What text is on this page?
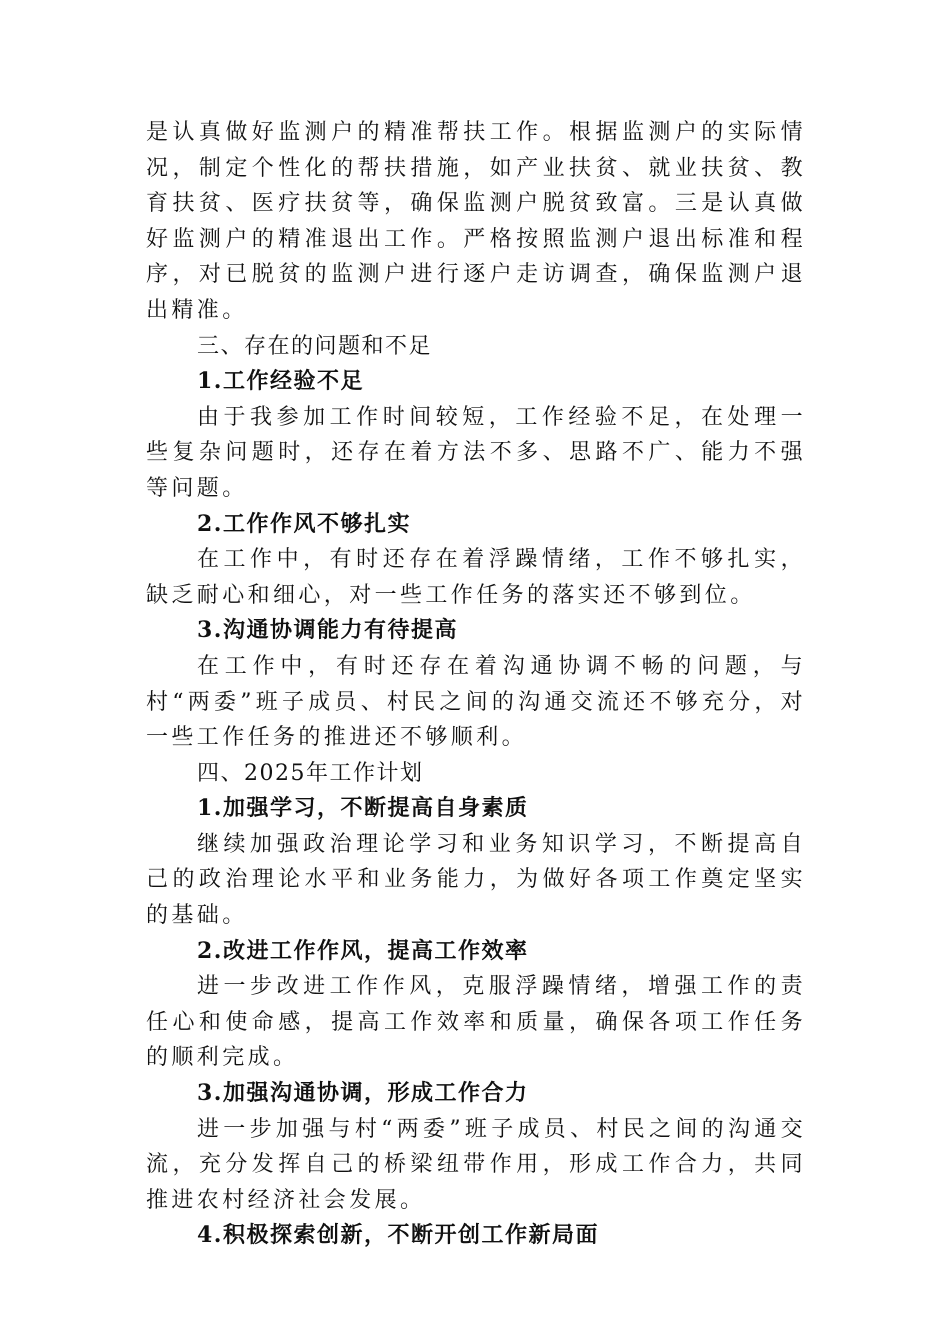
是认真做好监测户的精准帮扶工作。根据监测户的实际情况，制定个性化的帮扶措施，如产业扶贫、就业扶贫、教育扶贫、医疗扶贫等，确保监测户脱贫致富。三是认真做好监测户的精准退出工作。严格按照监测户退出标准和程序，对已脱贫的监测户进行逐户走访调查，确保监测户退出精准。

三、存在的问题和不足

1.工作经验不足

由于我参加工作时间较短，工作经验不足，在处理一些复杂问题时，还存在着方法不多、思路不广、能力不强等问题。

2.工作作风不够扎实

在工作中，有时还存在着浮躁情绪，工作不够扎实，缺乏耐心和细心，对一些工作任务的落实还不够到位。

3.沟通协调能力有待提高

在工作中，有时还存在着沟通协调不畅的问题，与村“两委”班子成员、村民之间的沟通交流还不够充分，对一些工作任务的推进还不够顺利。

四、2025年工作计划

1.加强学习，不断提高自身素质

继续加强政治理论学习和业务知识学习，不断提高自己的政治理论水平和业务能力，为做好各项工作奠定坚实的基础。

2.改进工作作风，提高工作效率

进一步改进工作作风，克服浮躁情绪，增强工作的责任心和使命感，提高工作效率和质量，确保各项工作任务的顺利完成。

3.加强沟通协调，形成工作合力

进一步加强与村“两委”班子成员、村民之间的沟通交流，充分发挥自己的桥梁纽带作用，形成工作合力，共同推进农村经济社会发展。

4.积极探索创新，不断开创工作新局面
